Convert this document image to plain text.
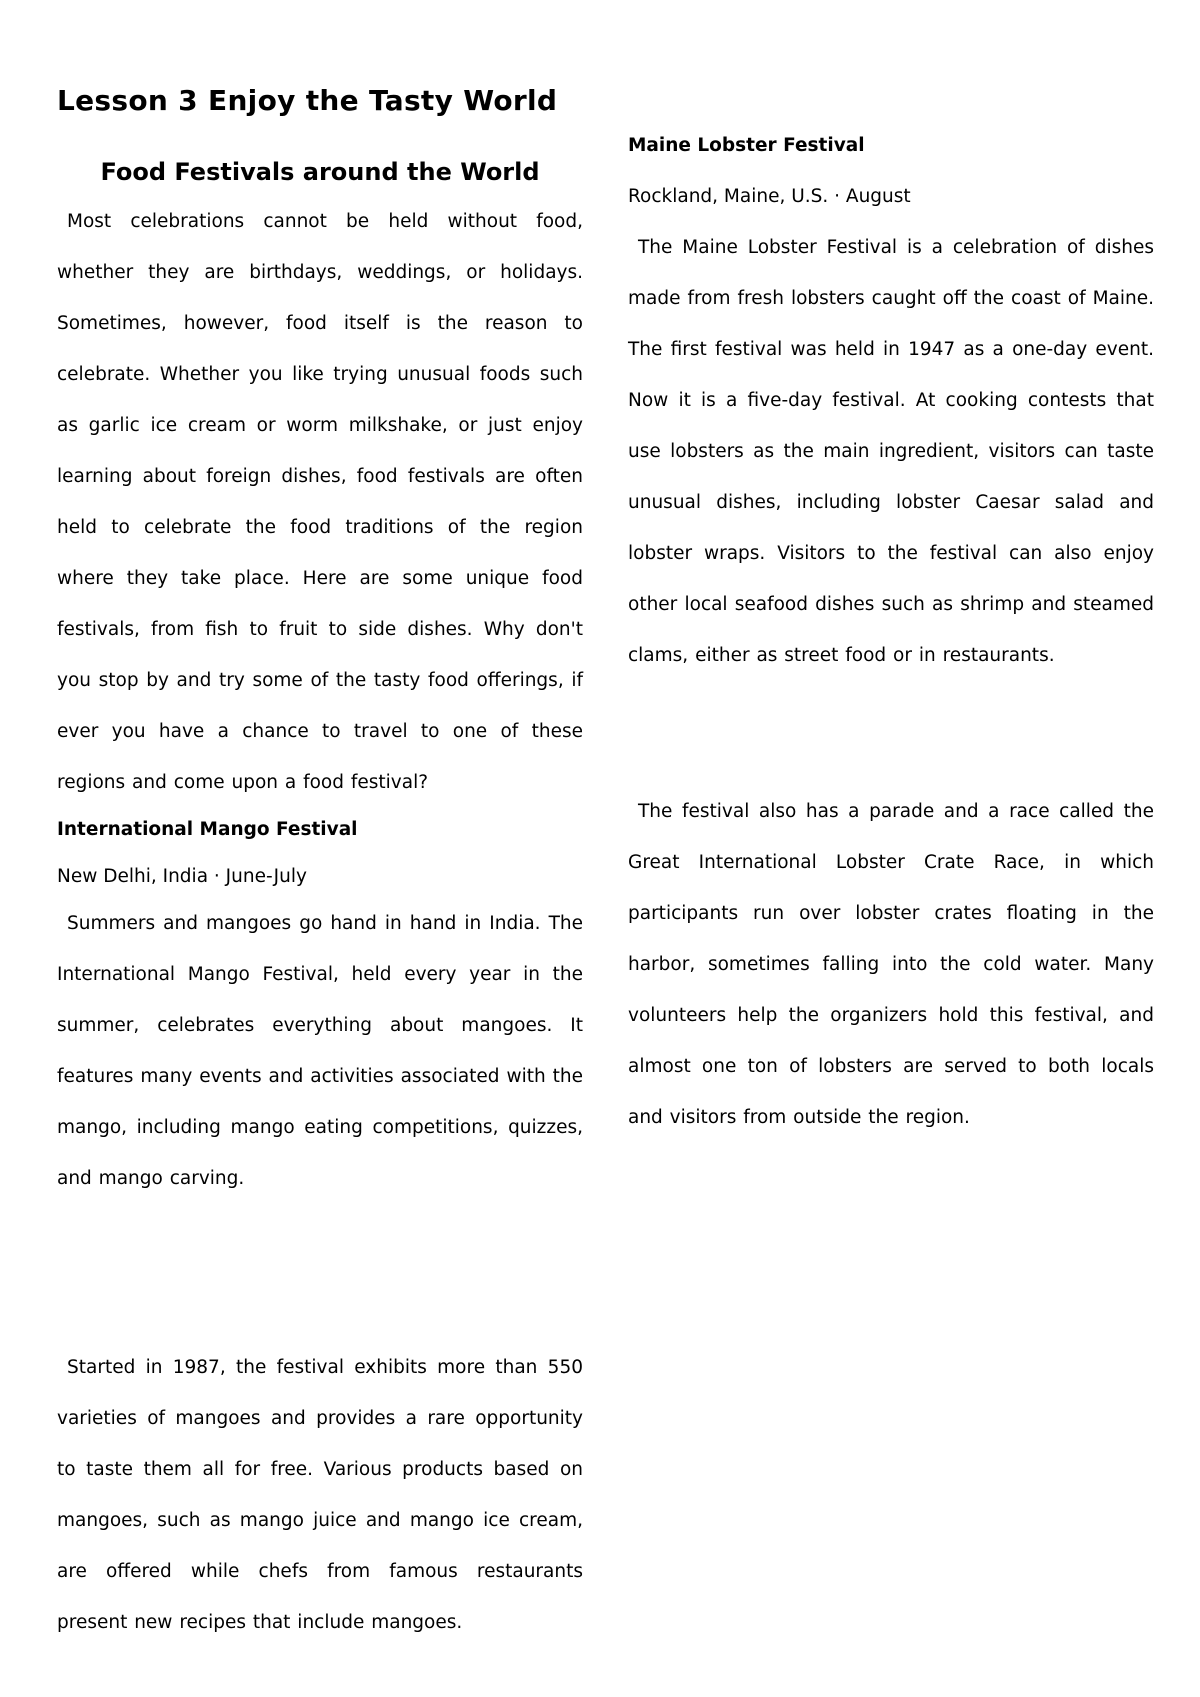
Lesson 3 Enjoy the Tasty World
Food Festivals around the World

Most celebrations cannot be held without food, whether they are birthdays, weddings, or holidays. Sometimes, however, food itself is the reason to celebrate. Whether you like trying unusual foods such as garlic ice cream or worm milkshake, or just enjoy learning about foreign dishes, food festivals are often held to celebrate the food traditions of the region where they take place. Here are some unique food festivals, from fish to fruit to side dishes. Why don't you stop by and try some of the tasty food offerings, if ever you have a chance to travel to one of these regions and come upon a food festival?

International Mango Festival

New Delhi, India · June-July

Summers and mangoes go hand in hand in India. The International Mango Festival, held every year in the summer, celebrates everything about mangoes. It features many events and activities associated with the mango, including mango eating competitions, quizzes, and mango carving.

Started in 1987, the festival exhibits more than 550 varieties of mangoes and provides a rare opportunity to taste them all for free. Various products based on mangoes, such as mango juice and mango ice cream, are offered while chefs from famous restaurants present new recipes that include mangoes.

Maine Lobster Festival

Rockland, Maine, U.S. · August

The Maine Lobster Festival is a celebration of dishes made from fresh lobsters caught off the coast of Maine. The first festival was held in 1947 as a one-day event. Now it is a five-day festival. At cooking contests that use lobsters as the main ingredient, visitors can taste unusual dishes, including lobster Caesar salad and lobster wraps. Visitors to the festival can also enjoy other local seafood dishes such as shrimp and steamed clams, either as street food or in restaurants.

The festival also has a parade and a race called the Great International Lobster Crate Race, in which participants run over lobster crates floating in the harbor, sometimes falling into the cold water. Many volunteers help the organizers hold this festival, and almost one ton of lobsters are served to both locals and visitors from outside the region.
